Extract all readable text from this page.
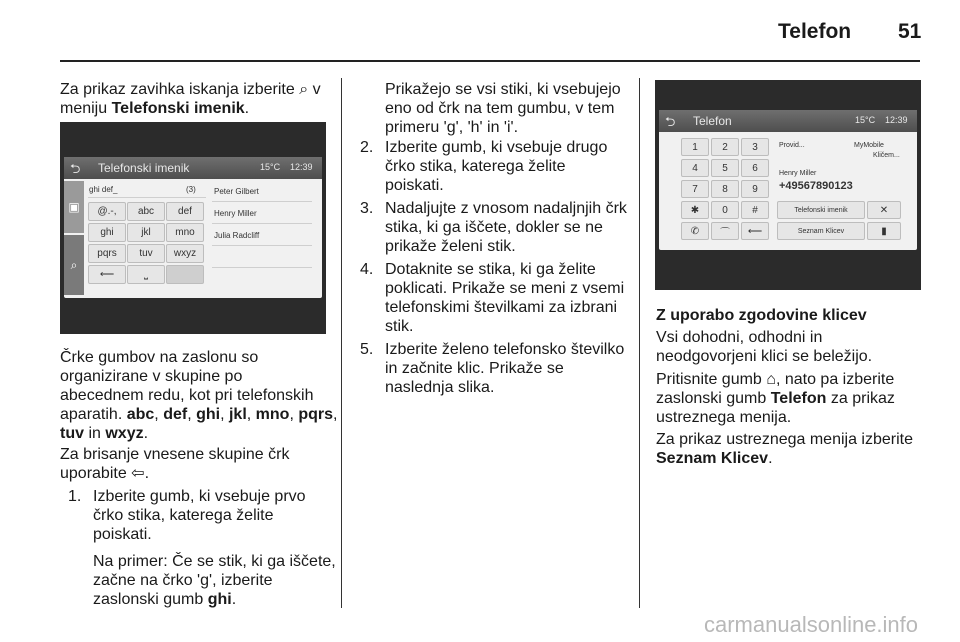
Telefon 51

Za prikaz zavihka iskanja izberite ⌕ v
meniju Telefonski imenik.

⮌ Telefonski imenik	15°C 12:39
▣
⌕
ghi def_	(3)
@.-,	abc	def
ghi	jkl	mno
pqrs	tuv	wxyz
⟵	⎵
Peter Gilbert
Henry Miller
Julia Radcliff

Črke gumbov na zaslonu so
organizirane v skupine po
abecednem redu, kot pri telefonskih
aparatih. abc, def, ghi, jkl, mno, pqrs,
tuv in wxyz.

Za brisanje vnesene skupine črk
uporabite ⇦.

1. Izberite gumb, ki vsebuje prvo
črko stika, katerega želite
poiskati.
Na primer: Če se stik, ki ga iščete,
začne na črko 'g', izberite
zaslonski gumb ghi.

Prikažejo se vsi stiki, ki vsebujejo
eno od črk na tem gumbu, v tem
primeru 'g', 'h' in 'i'.

2. Izberite gumb, ki vsebuje drugo
črko stika, katerega želite
poiskati.
3. Nadaljujte z vnosom nadaljnjih črk
stika, ki ga iščete, dokler se ne
prikaže želeni stik.
4. Dotaknite se stika, ki ga želite
poklicati. Prikaže se meni z vsemi
telefonskimi številkami za izbrani
stik.
5. Izberite želeno telefonsko številko
in začnite klic. Prikaže se
naslednja slika.
⮌ Telefon	15°C 12:39
1	2	3
4	5	6
7	8	9
✱	0	#
✆ ⌒ ⟵
Provid...	MyMobile
Kličem...
Henry Miller
+49567890123
Telefonski imenik	✕
Seznam Klicev	▮
Z uporabo zgodovine klicev

Vsi dohodni, odhodni in
neodgovorjeni klici se beležijo.

Pritisnite gumb ⌂, nato pa izberite
zaslonski gumb Telefon za prikaz
ustreznega menija.

Za prikaz ustreznega menija izberite
Seznam Klicev.

carmanualsonline.info
